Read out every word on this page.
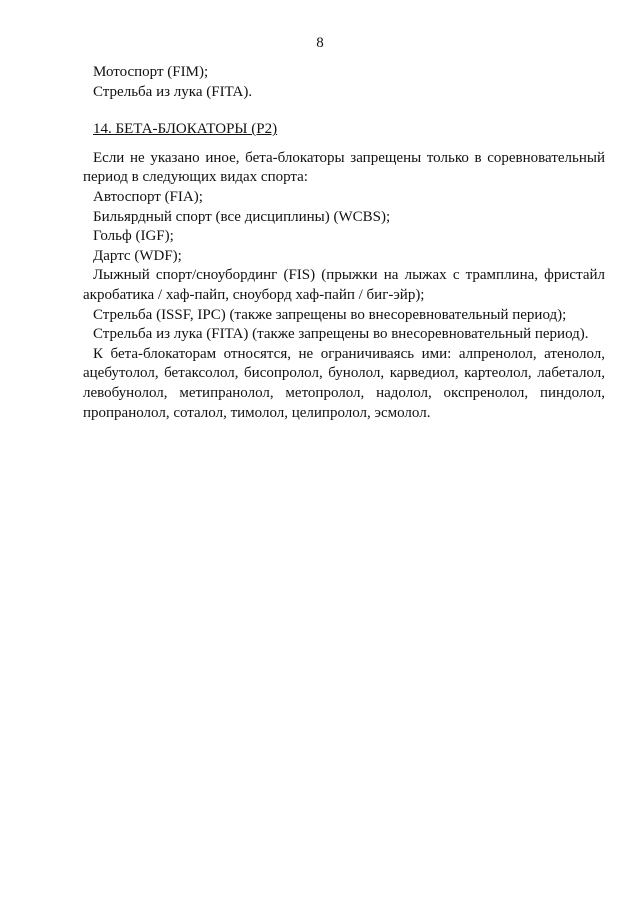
8
Мотоспорт (FIM);
Стрельба из лука (FITA).
14. БЕТА-БЛОКАТОРЫ (P2)
Если не указано иное, бета-блокаторы запрещены только в соревновательный
период в следующих видах спорта:
Автоспорт (FIA);
Бильярдный спорт (все дисциплины) (WCBS);
Гольф (IGF);
Дартс (WDF);
Лыжный спорт/сноубординг (FIS) (прыжки на лыжах с трамплина, фристайл
акробатика / хаф-пайп, сноуборд хаф-пайп / биг-эйр);
Стрельба (ISSF, IPC) (также запрещены во внесоревновательный период);
Стрельба из лука (FITA) (также запрещены во внесоревновательный период).
К бета-блокаторам относятся, не ограничиваясь ими: алпренолол, атенолол,
ацебутолол, бетаксолол, бисопролол, бунолол, карведиол, картеолол, лабеталол,
левобунолол, метипранолол, метопролол, надолол, окспренолол, пиндолол,
пропранолол, соталол, тимолол, целипролол, эсмолол.
